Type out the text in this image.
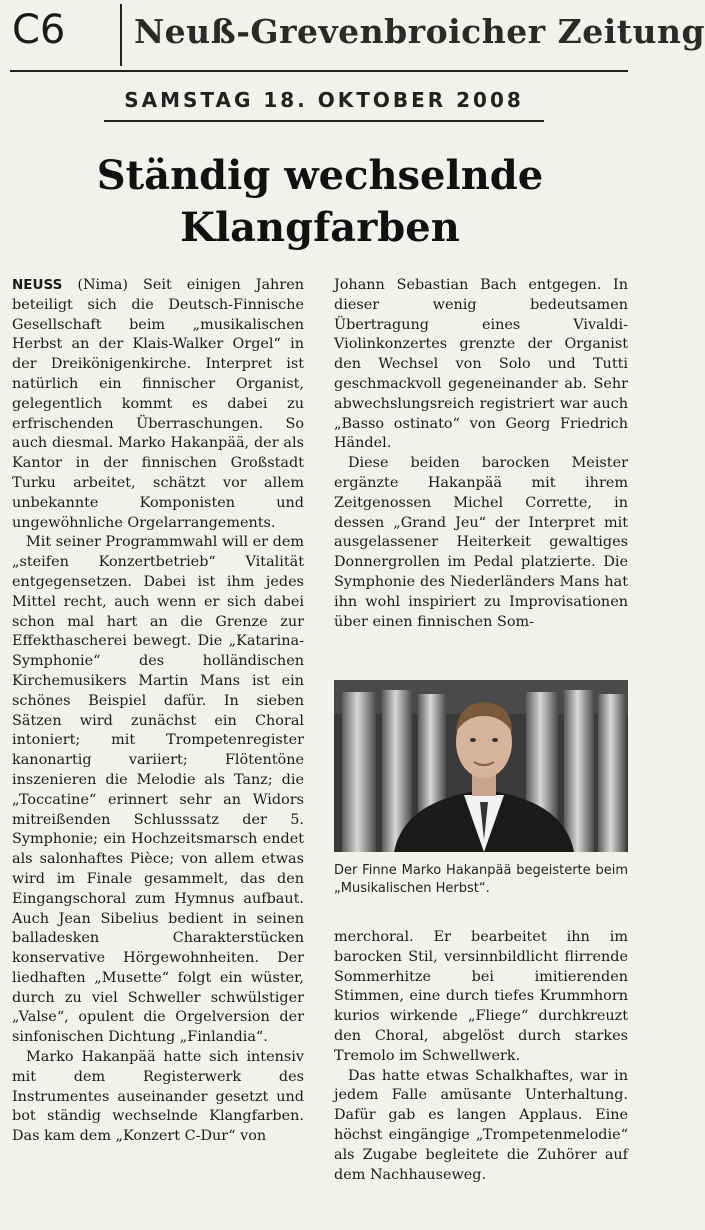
C6 Neuß-Grevenbroicher Zeitung
SAMSTAG 18. OKTOBER 2008
Ständig wechselnde Klangfarben

NEUSS (Nima) Seit einigen Jahren beteiligt sich die Deutsch-Finnische Gesellschaft beim „musikalischen Herbst an der Klais-Walker Orgel“ in der Dreikönigenkirche. Interpret ist natürlich ein finnischer Organist, gelegentlich kommt es dabei zu erfrischenden Überraschungen. So auch diesmal. Marko Hakanpää, der als Kantor in der finnischen Großstadt Turku arbeitet, schätzt vor allem unbekannte Komponisten und ungewöhnliche Orgelarrangements.

Mit seiner Programmwahl will er dem „steifen Konzertbetrieb“ Vitalität entgegensetzen. Dabei ist ihm jedes Mittel recht, auch wenn er sich dabei schon mal hart an die Grenze zur Effekthascherei bewegt. Die „Katarina-Symphonie“ des holländischen Kirchemusikers Martin Mans ist ein schönes Beispiel dafür. In sieben Sätzen wird zunächst ein Choral intoniert; mit Trompetenregister kanonartig variiert; Flötentöne inszenieren die Melodie als Tanz; die „Toccatine“ erinnert sehr an Widors mitreißenden Schlusssatz der 5. Symphonie; ein Hochzeitsmarsch endet als salonhaftes Pièce; von allem etwas wird im Finale gesammelt, das den Eingangschoral zum Hymnus aufbaut. Auch Jean Sibelius bedient in seinen balladesken Charakterstücken konservative Hörgewohnheiten. Der liedhaften „Musette“ folgt ein wüster, durch zu viel Schweller schwülstiger „Valse“, opulent die Orgelversion der sinfonischen Dichtung „Finlandia“.

Marko Hakanpää hatte sich intensiv mit dem Registerwerk des Instrumentes auseinander gesetzt und bot ständig wechselnde Klangfarben. Das kam dem „Konzert C-Dur“ von

Johann Sebastian Bach entgegen. In dieser wenig bedeutsamen Übertragung eines Vivaldi-Violinkonzertes grenzte der Organist den Wechsel von Solo und Tutti geschmackvoll gegeneinander ab. Sehr abwechslungsreich registriert war auch „Basso ostinato“ von Georg Friedrich Händel.

Diese beiden barocken Meister ergänzte Hakanpää mit ihrem Zeitgenossen Michel Corrette, in dessen „Grand Jeu“ der Interpret mit ausgelassener Heiterkeit gewaltiges Donnergrollen im Pedal platzierte. Die Symphonie des Niederländers Mans hat ihn wohl inspiriert zu Improvisationen über einen finnischen Som-

Der Finne Marko Hakanpää begeisterte beim „Musikalischen Herbst“.

merchoral. Er bearbeitet ihn im barocken Stil, versinnbildlicht flirrende Sommerhitze bei imitierenden Stimmen, eine durch tiefes Krummhorn kurios wirkende „Fliege“ durchkreuzt den Choral, abgelöst durch starkes Tremolo im Schwellwerk.

Das hatte etwas Schalkhaftes, war in jedem Falle amüsante Unterhaltung. Dafür gab es langen Applaus. Eine höchst eingängige „Trompetenmelodie“ als Zugabe begleitete die Zuhörer auf dem Nachhauseweg.
